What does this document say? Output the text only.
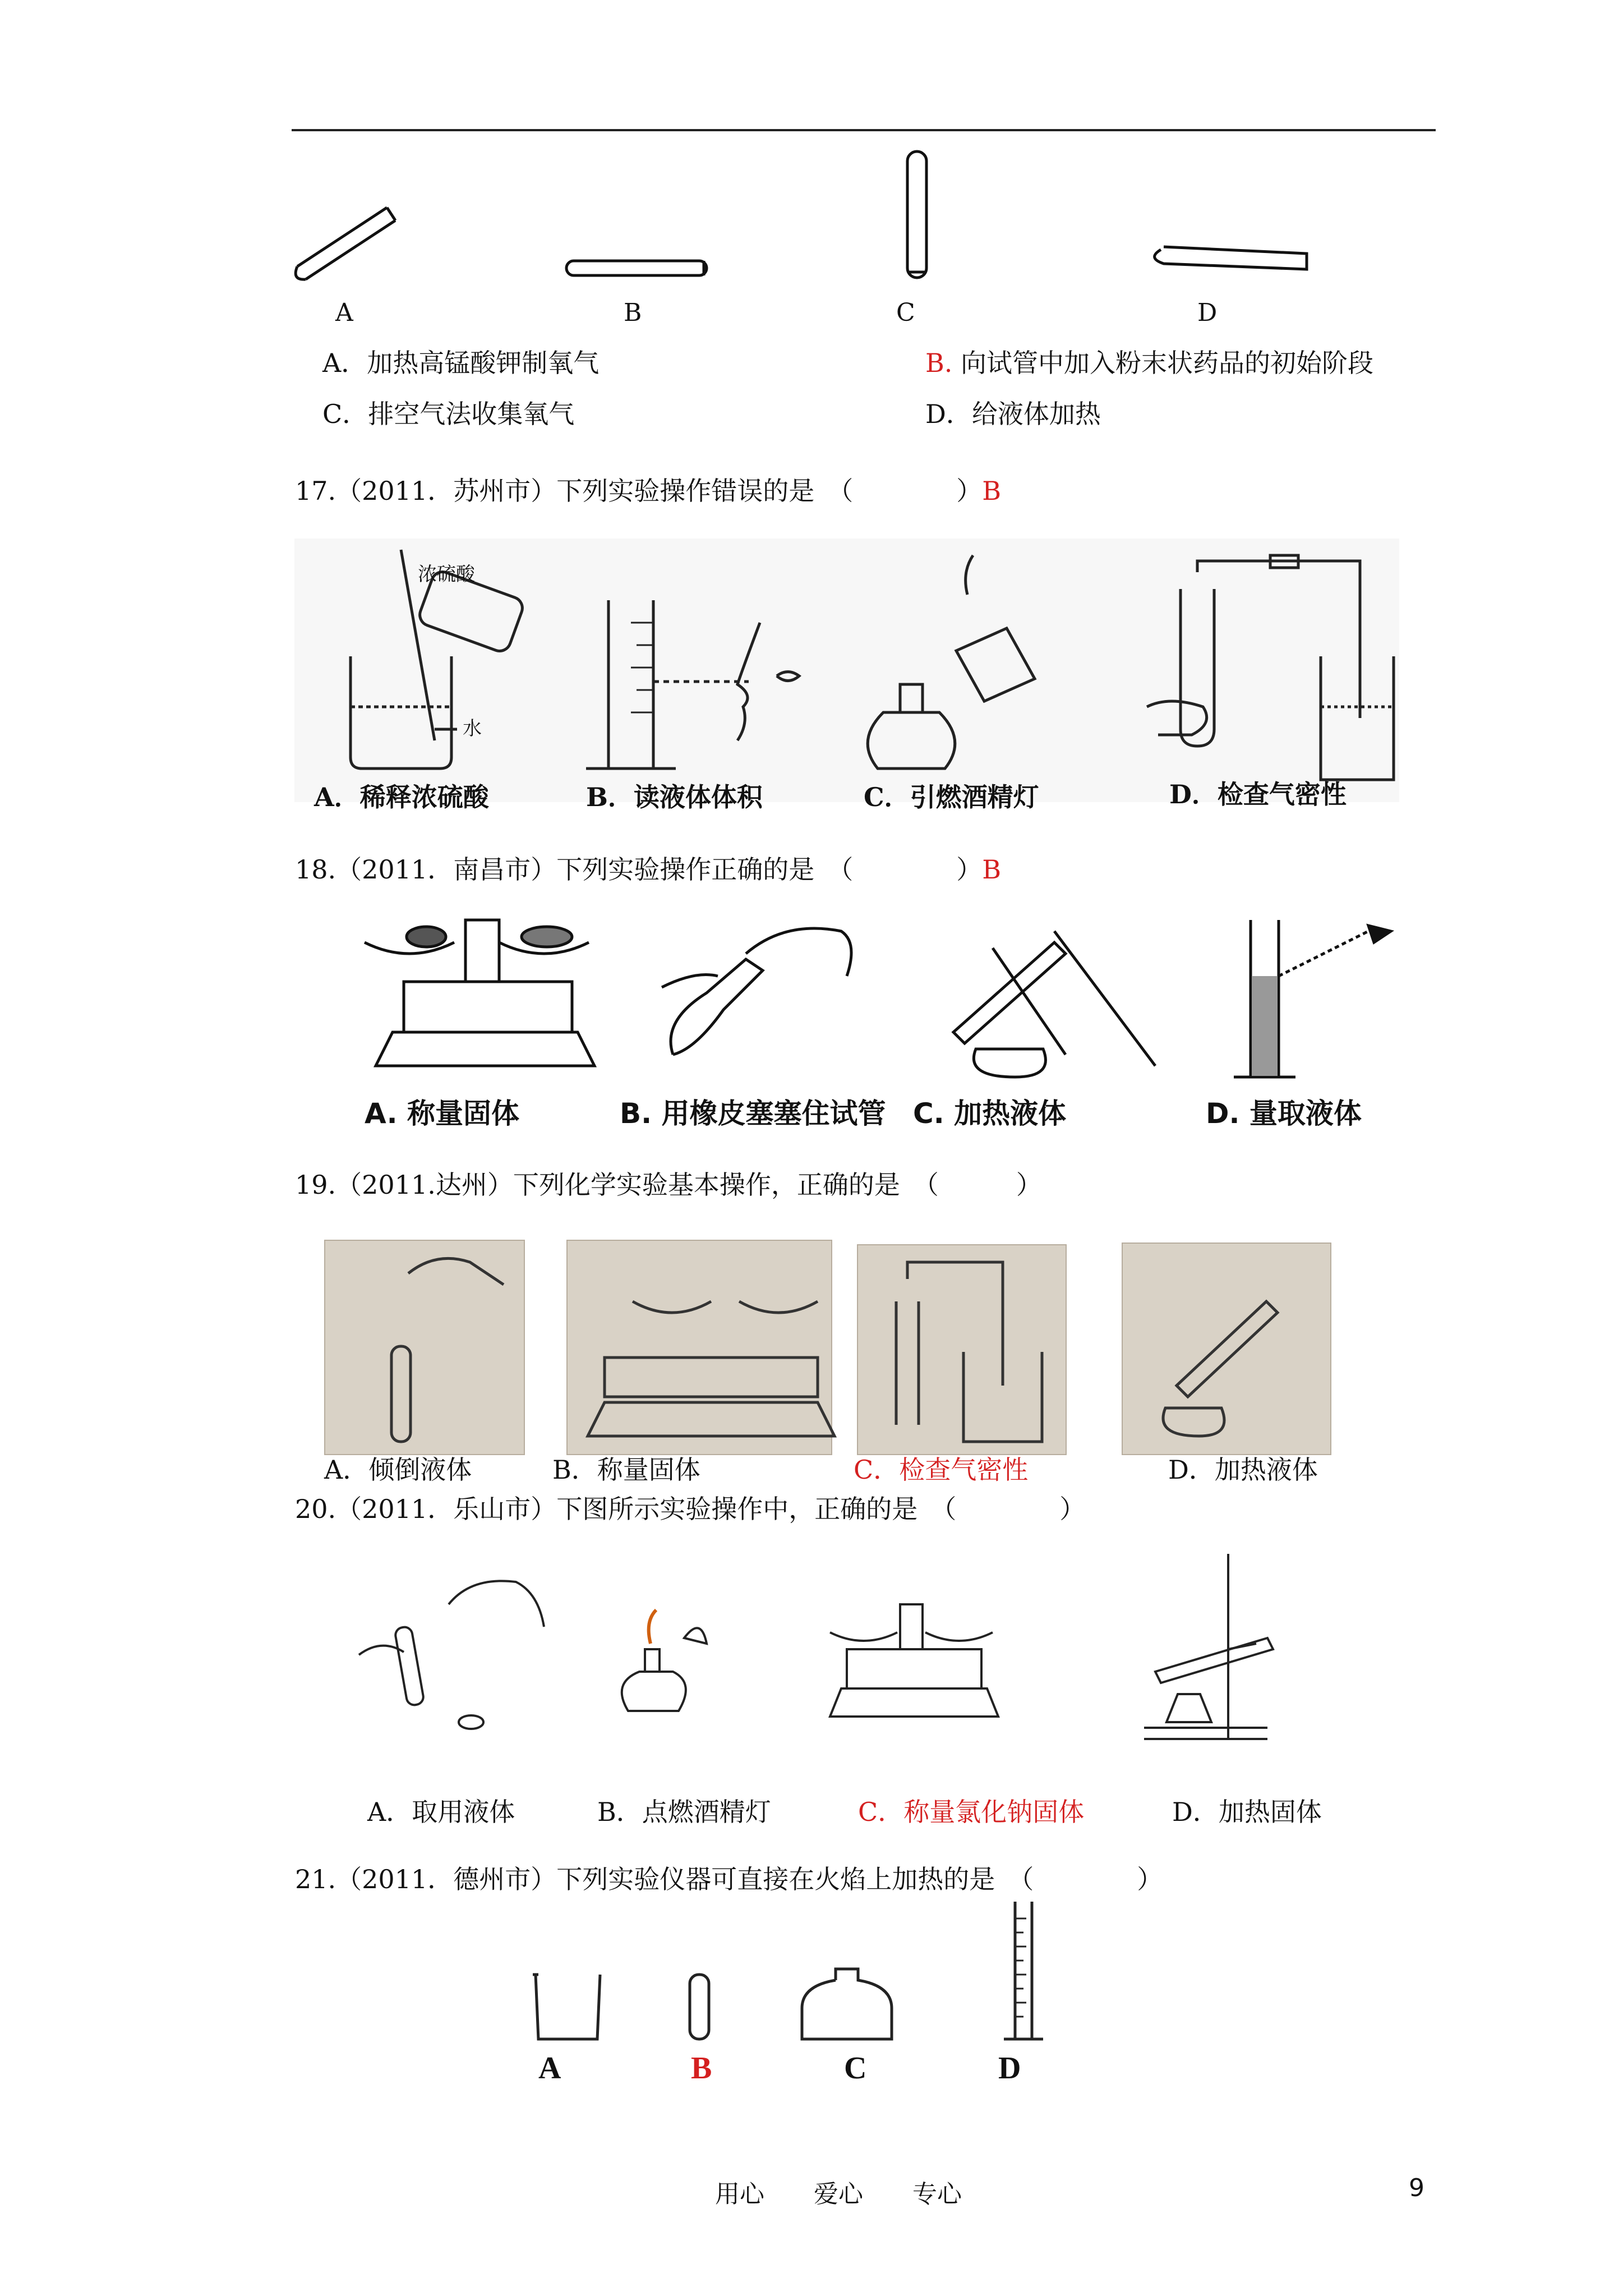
A	B	C	D
A．加热高锰酸钾制氧气	B. 向试管中加入粉末状药品的初始阶段
C．排空气法收集氧气	D．给液体加热
17.（2011．苏州市）下列实验操作错误的是　（　　　　）B
浓硫酸
水
A．稀释浓硫酸	B．读液体体积	C．引燃酒精灯	D．检查气密性
18.（2011．南昌市）下列实验操作正确的是　（　　　　）B
A. 称量固体	B. 用橡皮塞塞住试管 C. 加热液体	D. 量取液体
19.（2011.达州）下列化学实验基本操作，正确的是　（　　　）
A．倾倒液体	B．称量固体	C．检查气密性	D．加热液体
20.（2011．乐山市）下图所示实验操作中，正确的是　（　　　　）
A．取用液体	B．点燃酒精灯	C．称量氯化钠固体	D．加热固体
21.（2011．德州市）下列实验仪器可直接在火焰上加热的是　（　　　　）
A	B	C	D
用心　　爱心　　专心	9
